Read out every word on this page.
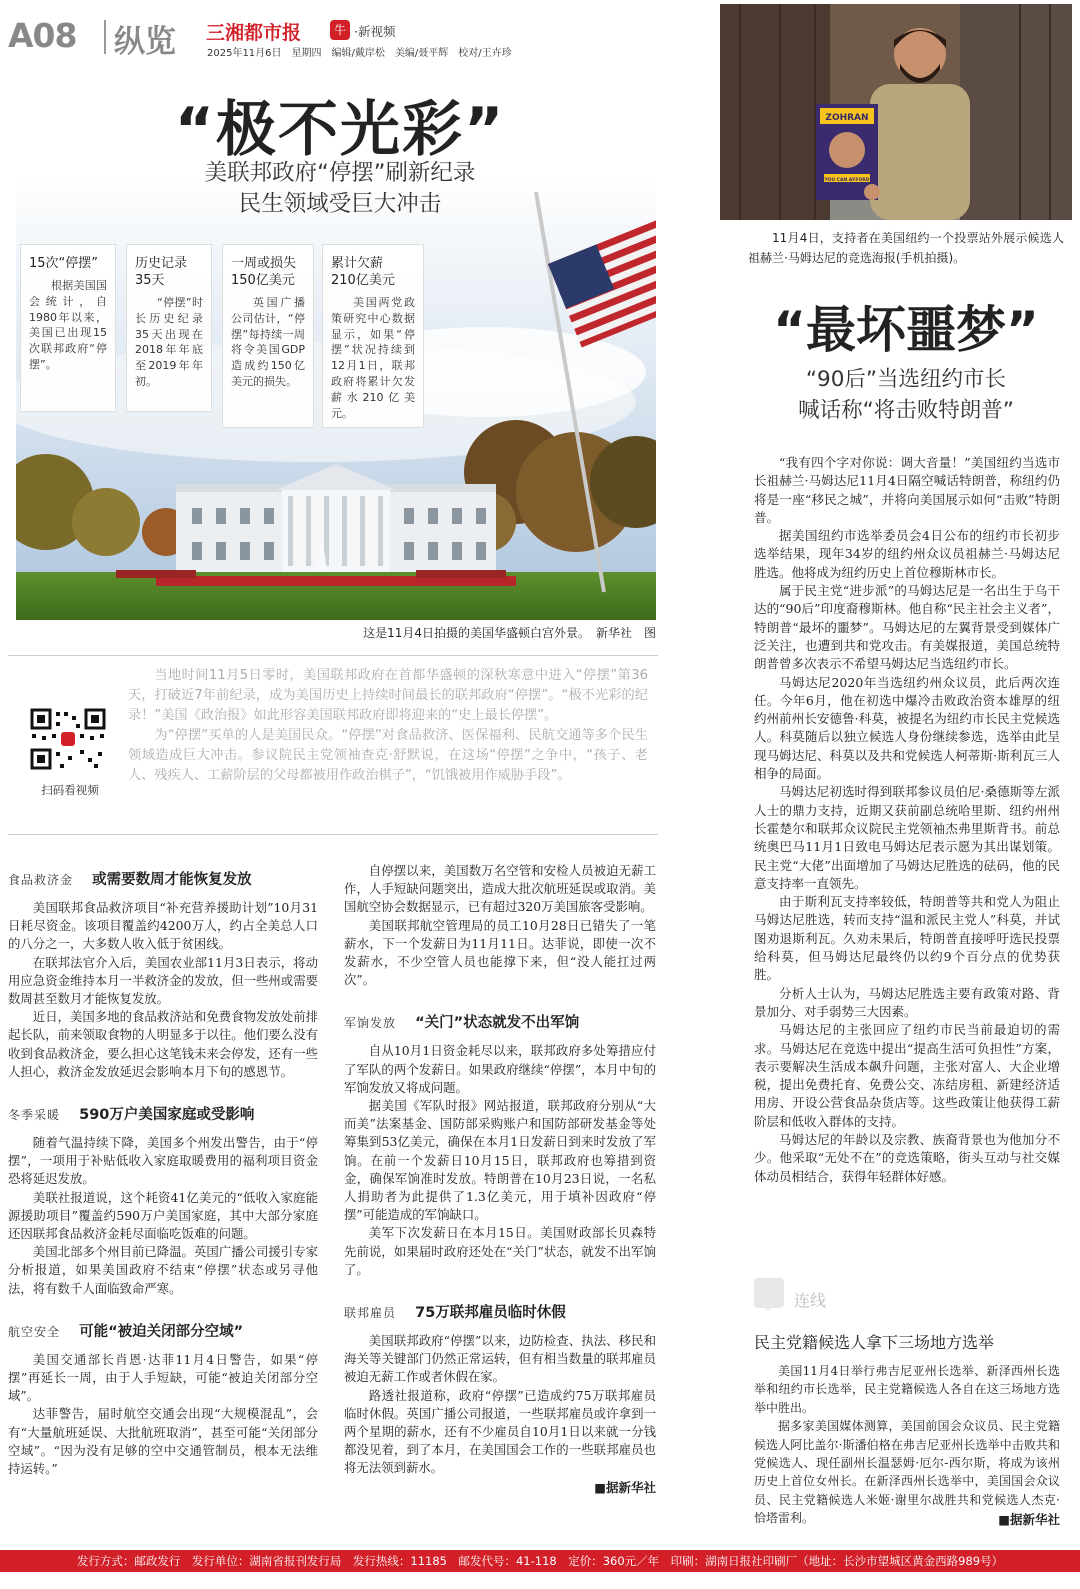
A08 纵览 三湘都市报	牛 ·新视频
2025年11月6日　星期四　编辑/戴岸松　美编/聂平辉　校对/王卉珍
“极不光彩”
美联邦政府“停摆”刷新纪录
民生领域受巨大冲击
15次“停摆”
根据美国国会统计，自1980年以来，美国已出现15次联邦政府“停摆”。
历史记录
35天
“停摆”时长历史纪录35天出现在2018年年底至2019年年初。
一周或损失
150亿美元
英国广播公司估计，“停摆”每持续一周将令美国GDP造成约150亿美元的损失。
累计欠薪
210亿美元
美国两党政策研究中心数据显示，如果“停摆”状况持续到12月1日，联邦政府将累计欠发薪水210亿美元。
这是11月4日拍摄的美国华盛顿白宫外景。　新华社　图
扫码看视频

当地时间11月5日零时，美国联邦政府在首都华盛顿的深秋寒意中进入“停摆”第36天，打破近7年前纪录，成为美国历史上持续时间最长的联邦政府“停摆”。“极不光彩的纪录！”美国《政治报》如此形容美国联邦政府即将迎来的“史上最长停摆”。

为“停摆”买单的人是美国民众。“停摆”对食品救济、医保福利、民航交通等多个民生领域造成巨大冲击。参议院民主党领袖查克·舒默说，在这场“停摆”之争中，“孩子、老人、残疾人、工薪阶层的父母都被用作政治棋子”，“饥饿被用作威胁手段”。

食品救济金 或需要数周才能恢复发放

美国联邦食品救济项目“补充营养援助计划”10月31日耗尽资金。该项目覆盖约4200万人，约占全美总人口的八分之一，大多数人收入低于贫困线。

在联邦法官介入后，美国农业部11月3日表示，将动用应急资金维持本月一半救济金的发放，但一些州或需要数周甚至数月才能恢复发放。

近日，美国多地的食品救济站和免费食物发放处前排起长队，前来领取食物的人明显多于以往。他们要么没有收到食品救济金，要么担心这笔钱未来会停发，还有一些人担心，救济金发放延迟会影响本月下旬的感恩节。

冬季采暖 590万户美国家庭或受影响

随着气温持续下降，美国多个州发出警告，由于“停摆”，一项用于补贴低收入家庭取暖费用的福利项目资金恐将延迟发放。

美联社报道说，这个耗资41亿美元的“低收入家庭能源援助项目”覆盖约590万户美国家庭，其中大部分家庭还因联邦食品救济金耗尽面临吃饭难的问题。

美国北部多个州目前已降温。英国广播公司援引专家分析报道，如果美国政府不结束“停摆”状态或另寻他法，将有数千人面临致命严寒。

航空安全 可能“被迫关闭部分空域”

美国交通部长肖恩·达菲11月4日警告，如果“停摆”再延长一周，由于人手短缺，可能“被迫关闭部分空域”。

达菲警告，届时航空交通会出现“大规模混乱”，会有“大量航班延误、大批航班取消”，甚至可能“关闭部分空域”。“因为没有足够的空中交通管制员，根本无法维持运转。”

自停摆以来，美国数万名空管和安检人员被迫无薪工作，人手短缺问题突出，造成大批次航班延误或取消。美国航空协会数据显示，已有超过320万美国旅客受影响。

美国联邦航空管理局的员工10月28日已错失了一笔薪水，下一个发薪日为11月11日。达菲说，即使一次不发薪水，不少空管人员也能撑下来，但“没人能扛过两次”。

军饷发放 “关门”状态就发不出军饷

自从10月1日资金耗尽以来，联邦政府多处筹措应付了军队的两个发薪日。如果政府继续“停摆”，本月中旬的军饷发放又将成问题。

据美国《军队时报》网站报道，联邦政府分别从“大而美”法案基金、国防部采购账户和国防部研发基金等处筹集到53亿美元，确保在本月1日发薪日到来时发放了军饷。在前一个发薪日10月15日，联邦政府也筹措到资金，确保军饷准时发放。特朗普在10月23日说，一名私人捐助者为此提供了1.3亿美元，用于填补因政府“停摆”可能造成的军饷缺口。

美军下次发薪日在本月15日。美国财政部长贝森特先前说，如果届时政府还处在“关门”状态，就发不出军饷了。

联邦雇员 75万联邦雇员临时休假

美国联邦政府“停摆”以来，边防检查、执法、移民和海关等关键部门仍然正常运转，但有相当数量的联邦雇员被迫无薪工作或者休假在家。

路透社报道称，政府“停摆”已造成约75万联邦雇员临时休假。英国广播公司报道，一些联邦雇员或许拿到一两个星期的薪水，还有不少雇员自10月1日以来就一分钱都没见着，到了本月，在美国国会工作的一些联邦雇员也将无法领到薪水。

■据新华社
ZOHRAN
YOU CAN AFFORD
11月4日，支持者在美国纽约一个投票站外展示候选人祖赫兰·马姆达尼的竞选海报(手机拍摄)。
“最坏噩梦”
“90后”当选纽约市长
喊话称“将击败特朗普”

“我有四个字对你说：调大音量！”美国纽约当选市长祖赫兰·马姆达尼11月4日隔空喊话特朗普，称纽约仍将是一座“移民之城”，并将向美国展示如何“击败”特朗普。

据美国纽约市选举委员会4日公布的纽约市长初步选举结果，现年34岁的纽约州众议员祖赫兰·马姆达尼胜选。他将成为纽约历史上首位穆斯林市长。

属于民主党“进步派”的马姆达尼是一名出生于乌干达的“90后”印度裔穆斯林。他自称“民主社会主义者”，特朗普“最坏的噩梦”。马姆达尼的左翼背景受到媒体广泛关注，也遭到共和党攻击。有美媒报道，美国总统特朗普曾多次表示不希望马姆达尼当选纽约市长。

马姆达尼2020年当选纽约州众议员，此后两次连任。今年6月，他在初选中爆冷击败政治资本雄厚的纽约州前州长安德鲁·科莫，被提名为纽约市长民主党候选人。科莫随后以独立候选人身份继续参选，选举由此呈现马姆达尼、科莫以及共和党候选人柯蒂斯·斯利瓦三人相争的局面。

马姆达尼初选时得到联邦参议员伯尼·桑德斯等左派人士的鼎力支持，近期又获前副总统哈里斯、纽约州州长霍楚尔和联邦众议院民主党领袖杰弗里斯背书。前总统奥巴马11月1日致电马姆达尼表示愿为其出谋划策。民主党“大佬”出面增加了马姆达尼胜选的砝码，他的民意支持率一直领先。

由于斯利瓦支持率较低，特朗普等共和党人为阻止马姆达尼胜选，转而支持“温和派民主党人”科莫，并试图劝退斯利瓦。久劝未果后，特朗普直接呼吁选民投票给科莫，但马姆达尼最终仍以约9个百分点的优势获胜。

分析人士认为，马姆达尼胜选主要有政策对路、背景加分、对手弱势三大因素。

马姆达尼的主张回应了纽约市民当前最迫切的需求。马姆达尼在竞选中提出“提高生活可负担性”方案，表示要解决生活成本飙升问题，主张对富人、大企业增税，提出免费托育、免费公交、冻结房租、新建经济适用房、开设公营食品杂货店等。这些政策让他获得工薪阶层和低收入群体的支持。

马姆达尼的年龄以及宗教、族裔背景也为他加分不少。他采取“无处不在”的竞选策略，街头互动与社交媒体动员相结合，获得年轻群体好感。

连线
民主党籍候选人拿下三场地方选举

美国11月4日举行弗吉尼亚州长选举、新泽西州长选举和纽约市长选举，民主党籍候选人各自在这三场地方选举中胜出。

据多家美国媒体测算，美国前国会众议员、民主党籍候选人阿比盖尔·斯潘伯格在弗吉尼亚州长选举中击败共和党候选人、现任副州长温瑟姆·厄尔-西尔斯，将成为该州历史上首位女州长。在新泽西州长选举中，美国国会众议员、民主党籍候选人米姬·谢里尔战胜共和党候选人杰克·恰塔雷利。	■据新华社
发行方式：邮政发行　发行单位：湖南省报刊发行局　发行热线：11185　邮发代号：41-118　定价：360元／年　印刷：湖南日报社印刷厂（地址：长沙市望城区黄金西路989号）
